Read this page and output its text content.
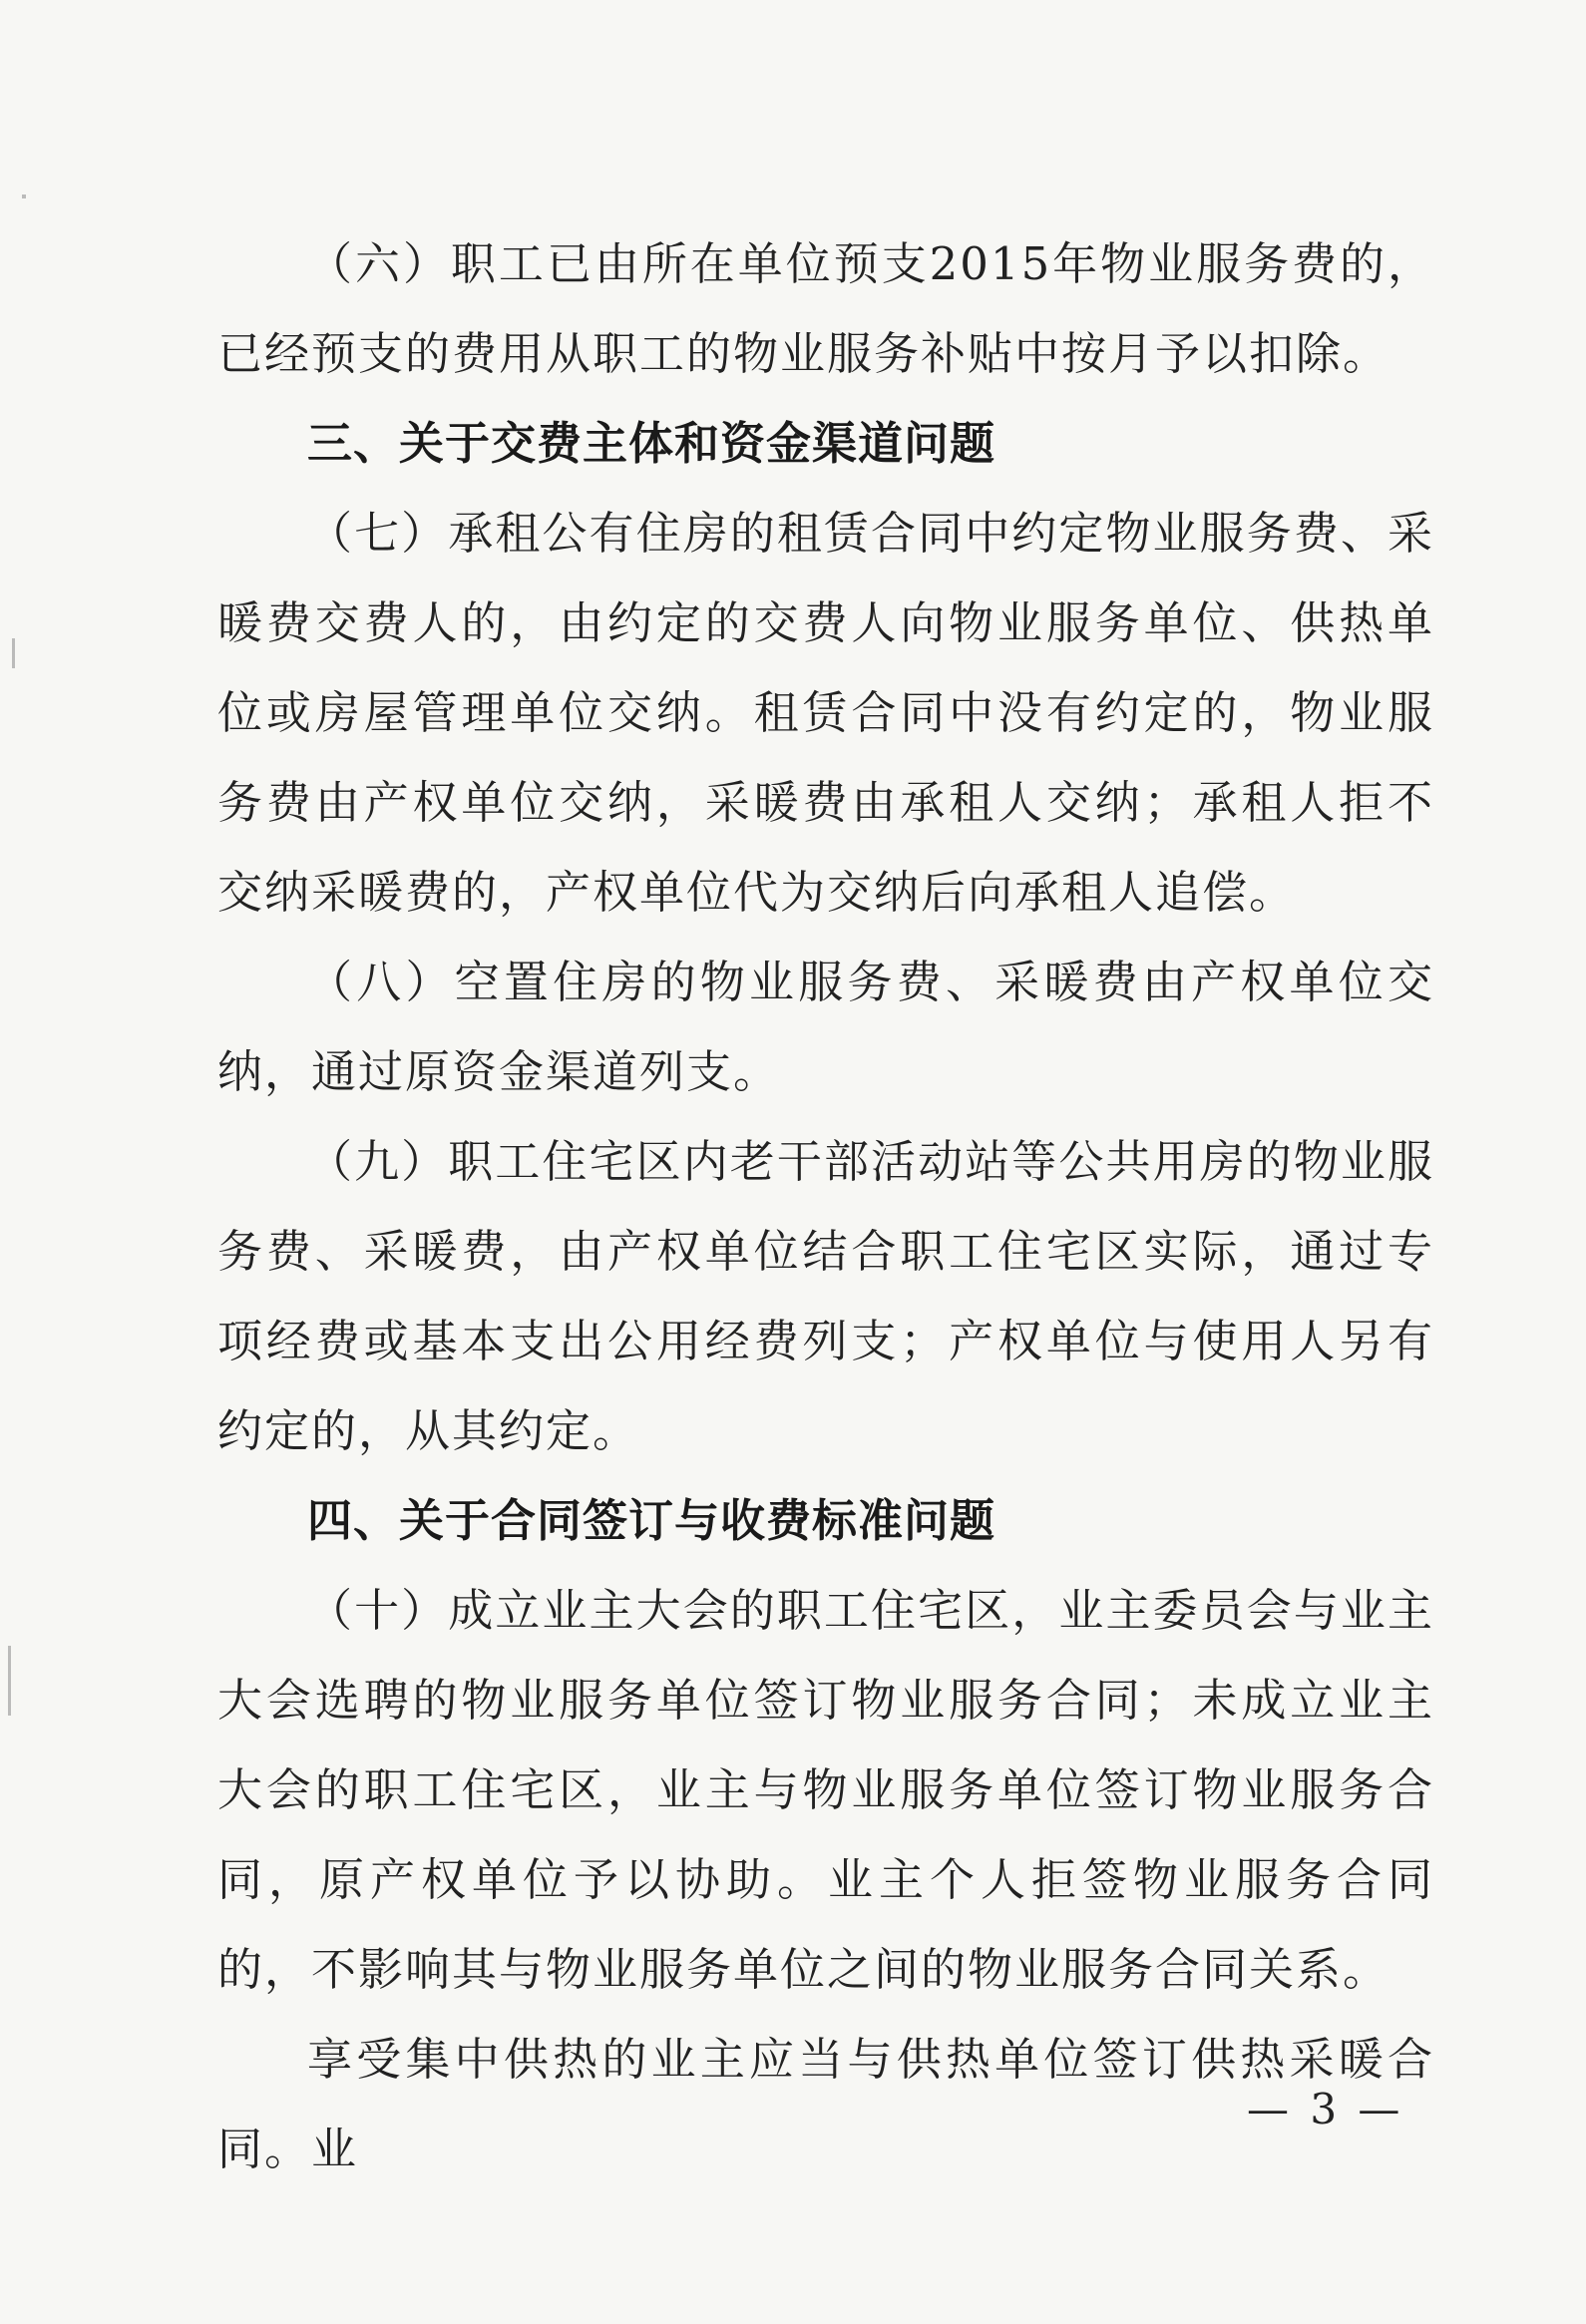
（六）职工已由所在单位预支2015年物业服务费的，已经预支的费用从职工的物业服务补贴中按月予以扣除。

三、关于交费主体和资金渠道问题

（七）承租公有住房的租赁合同中约定物业服务费、采暖费交费人的，由约定的交费人向物业服务单位、供热单位或房屋管理单位交纳。租赁合同中没有约定的，物业服务费由产权单位交纳，采暖费由承租人交纳；承租人拒不交纳采暖费的，产权单位代为交纳后向承租人追偿。

（八）空置住房的物业服务费、采暖费由产权单位交纳，通过原资金渠道列支。

（九）职工住宅区内老干部活动站等公共用房的物业服务费、采暖费，由产权单位结合职工住宅区实际，通过专项经费或基本支出公用经费列支；产权单位与使用人另有约定的，从其约定。

四、关于合同签订与收费标准问题

（十）成立业主大会的职工住宅区，业主委员会与业主大会选聘的物业服务单位签订物业服务合同；未成立业主大会的职工住宅区，业主与物业服务单位签订物业服务合同，原产权单位予以协助。业主个人拒签物业服务合同的，不影响其与物业服务单位之间的物业服务合同关系。

享受集中供热的业主应当与供热单位签订供热采暖合同。业

— 3 —
